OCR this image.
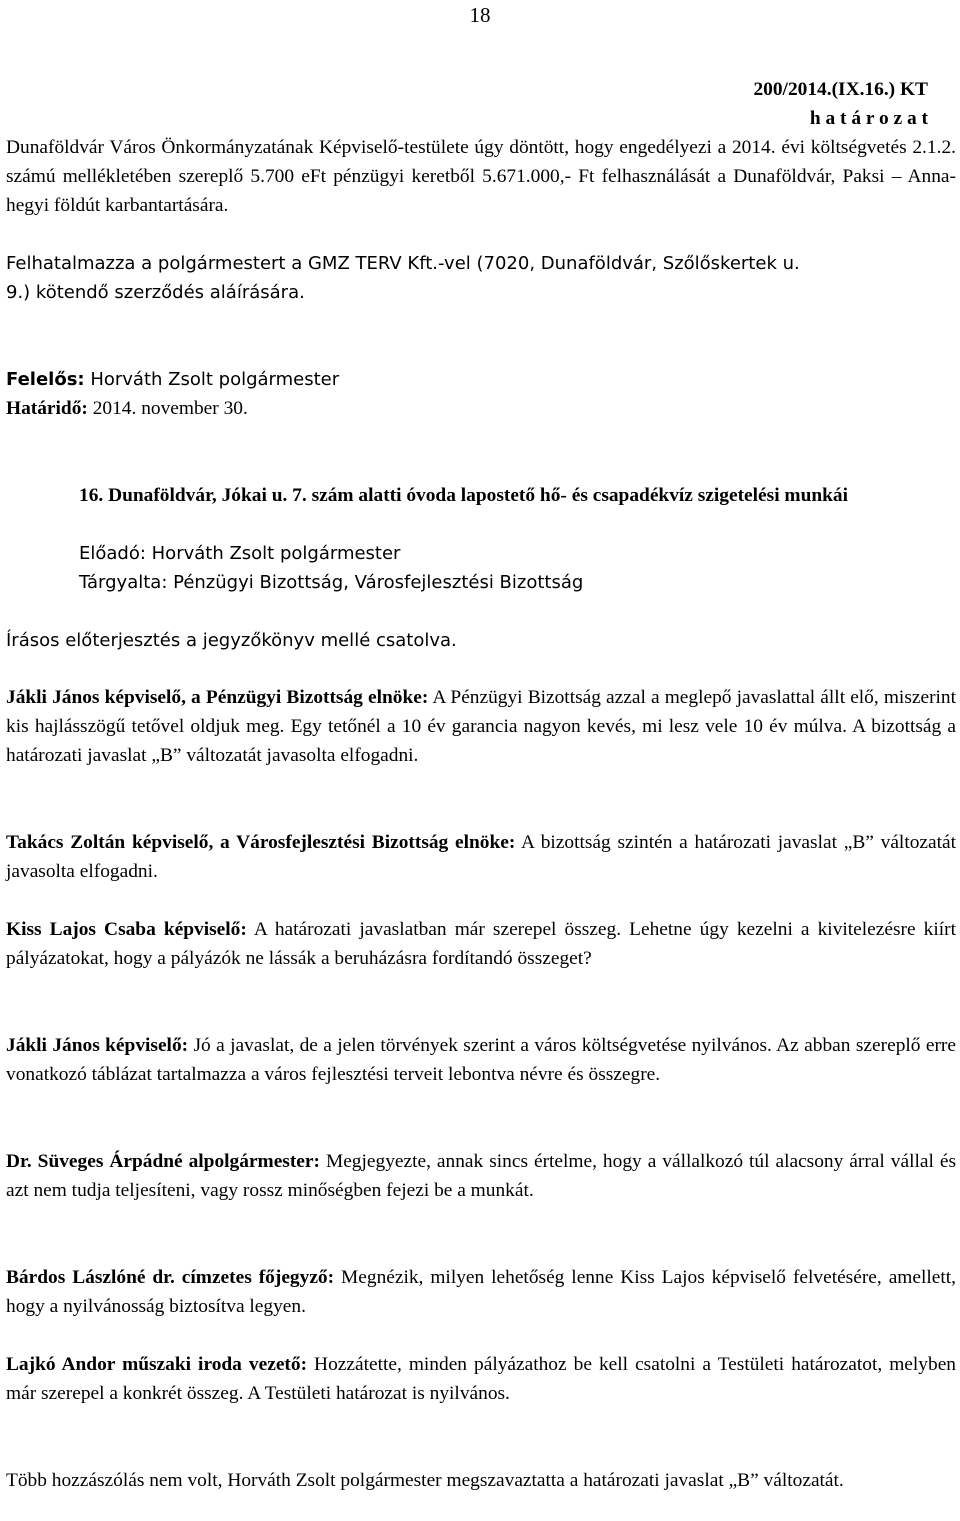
18
200/2014.(IX.16.) KT
h a t á r o z a t

Dunaföldvár Város Önkormányzatának Képviselő-testülete úgy döntött, hogy engedélyezi a 2014. évi költségvetés 2.1.2. számú mellékletében szereplő 5.700 eFt pénzügyi keretből 5.671.000,- Ft felhasználását a Dunaföldvár, Paksi – Anna-hegyi földút karbantartására.

Felhatalmazza a polgármestert a GMZ TERV Kft.-vel (7020, Dunaföldvár, Szőlőskertek u. 9.) kötendő szerződés aláírására.

Felelős: Horváth Zsolt polgármester

Határidő: 2014. november 30.

16. Dunaföldvár, Jókai u. 7. szám alatti óvoda lapostető hő- és csapadékvíz szigetelési munkái

Előadó: Horváth Zsolt polgármester

Tárgyalta: Pénzügyi Bizottság, Városfejlesztési Bizottság

Írásos előterjesztés a jegyzőkönyv mellé csatolva.

Jákli János képviselő, a Pénzügyi Bizottság elnöke: A Pénzügyi Bizottság azzal a meglepő javaslattal állt elő, miszerint kis hajlásszögű tetővel oldjuk meg. Egy tetőnél a 10 év garancia nagyon kevés, mi lesz vele 10 év múlva. A bizottság a határozati javaslat „B” változatát javasolta elfogadni.

Takács Zoltán képviselő, a Városfejlesztési Bizottság elnöke: A bizottság szintén a határozati javaslat „B” változatát javasolta elfogadni.

Kiss Lajos Csaba képviselő: A határozati javaslatban már szerepel összeg. Lehetne úgy kezelni a kivitelezésre kiírt pályázatokat, hogy a pályázók ne lássák a beruházásra fordítandó összeget?

Jákli János képviselő: Jó a javaslat, de a jelen törvények szerint a város költségvetése nyilvános. Az abban szereplő erre vonatkozó táblázat tartalmazza a város fejlesztési terveit lebontva névre és összegre.

Dr. Süveges Árpádné alpolgármester: Megjegyezte, annak sincs értelme, hogy a vállalkozó túl alacsony árral vállal és azt nem tudja teljesíteni, vagy rossz minőségben fejezi be a munkát.

Bárdos Lászlóné dr. címzetes főjegyző: Megnézik, milyen lehetőség lenne Kiss Lajos képviselő felvetésére, amellett, hogy a nyilvánosság biztosítva legyen.

Lajkó Andor műszaki iroda vezető: Hozzátette, minden pályázathoz be kell csatolni a Testületi határozatot, melyben már szerepel a konkrét összeg. A Testületi határozat is nyilvános.

Több hozzászólás nem volt, Horváth Zsolt polgármester megszavaztatta a határozati javaslat „B” változatát.
